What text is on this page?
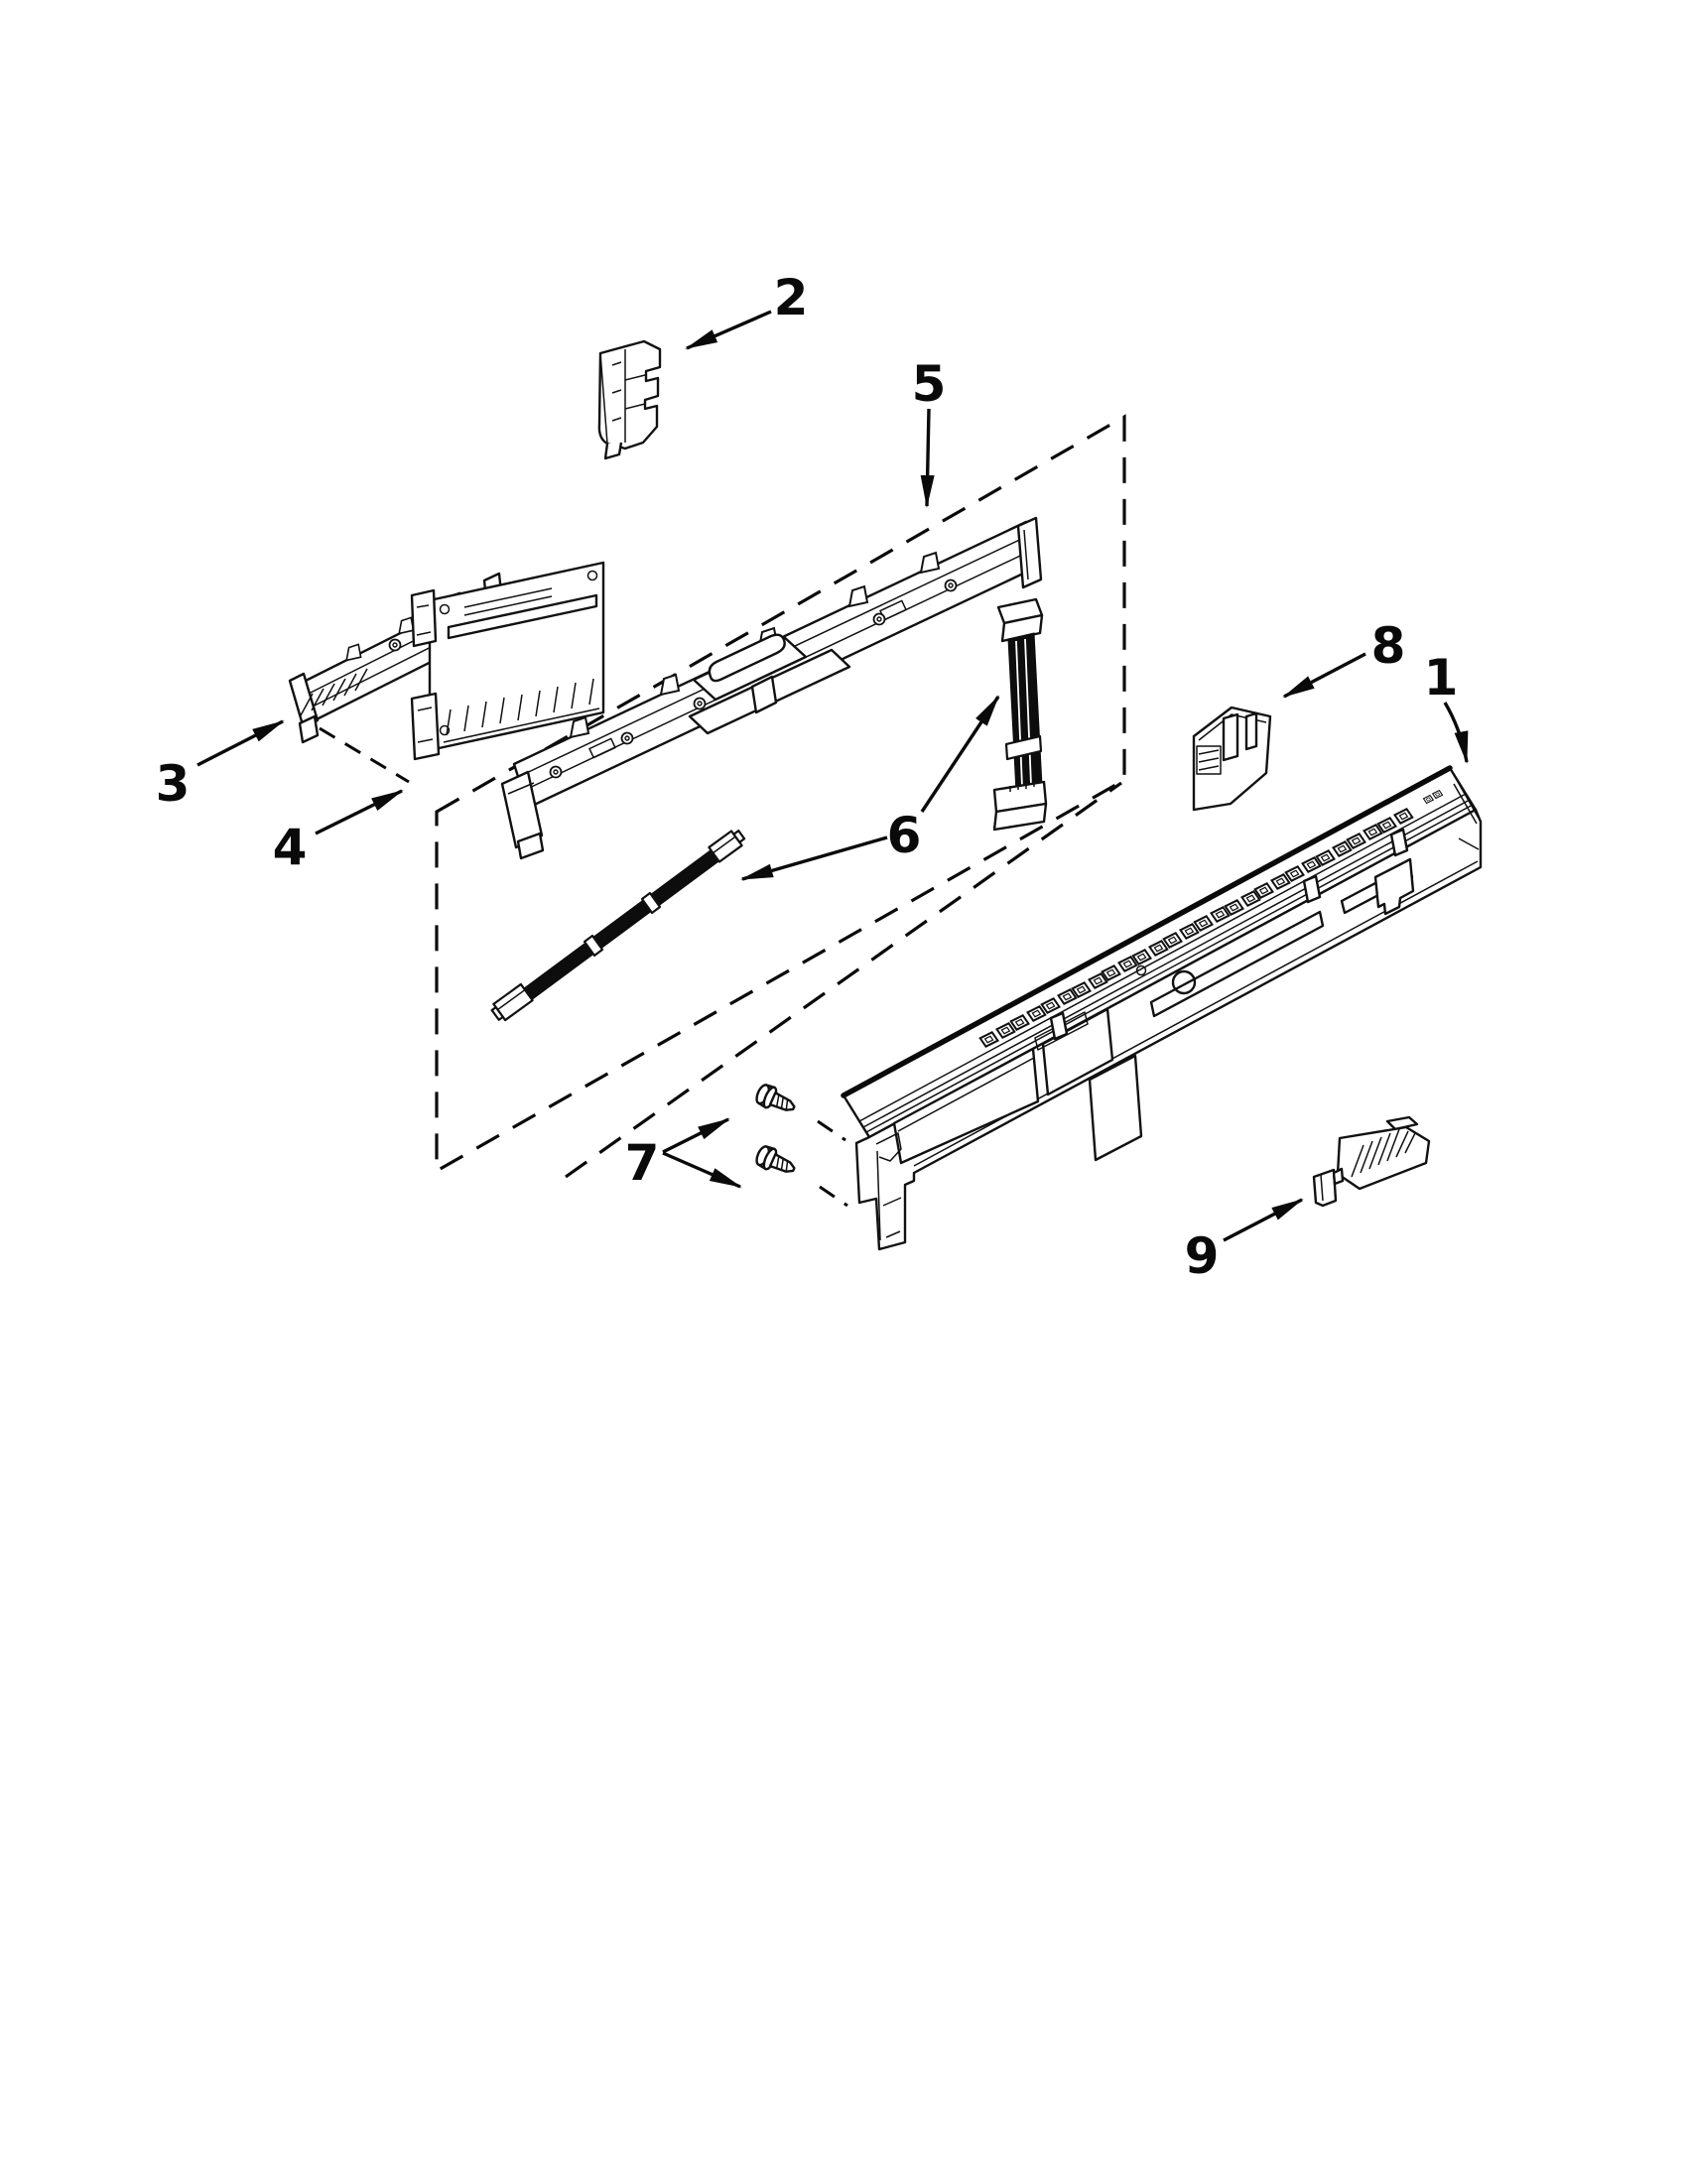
1
2
3
4
5
6
7
8
9
